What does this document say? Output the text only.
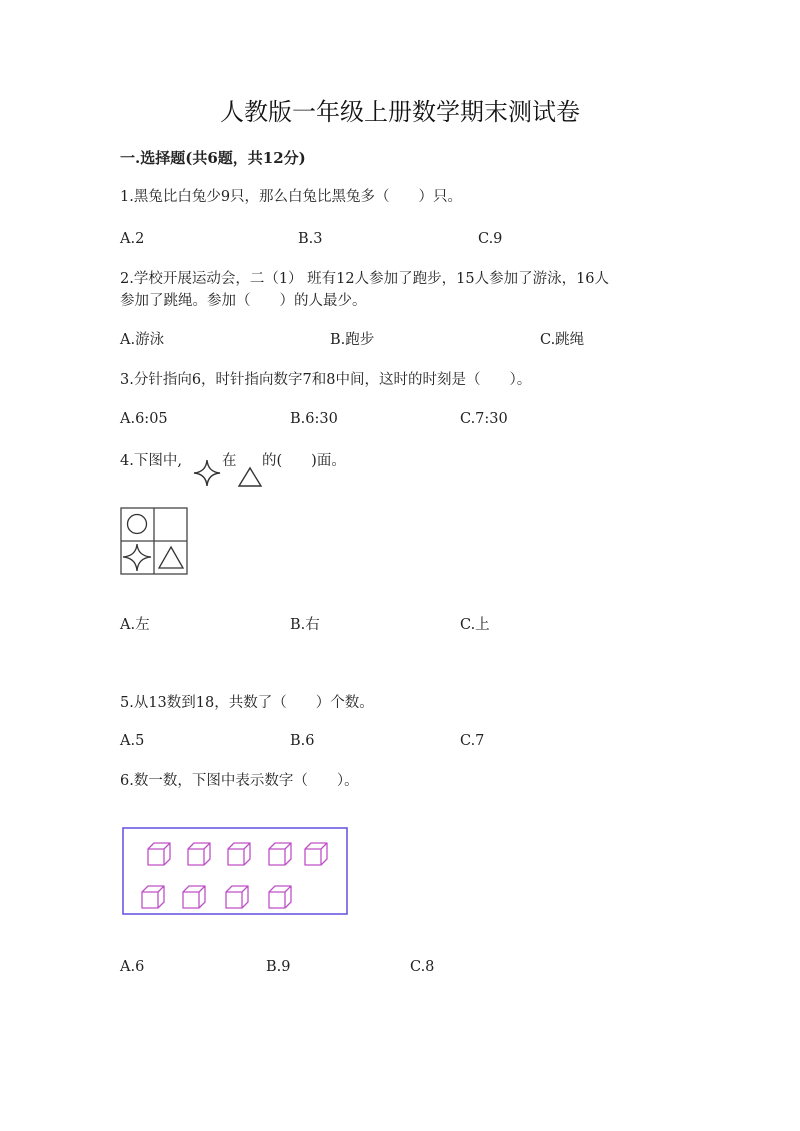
人教版一年级上册数学期末测试卷
一.选择题(共6题，共12分)
1.黑兔比白兔少9只，那么白兔比黑兔多（　　）只。
A.2	B.3	C.9
2.学校开展运动会，二（1） 班有12人参加了跑步，15人参加了游泳，16人
参加了跳绳。参加（　　）的人最少。
A.游泳	B.跑步	C.跳绳
3.分针指向6，时针指向数字7和8中间，这时的时刻是（　　）。
A.6:05	B.6:30	C.7:30
4.下图中,	在 的(　　)面。
A.左	B.右	C.上
5.从13数到18，共数了（　　）个数。
A.5	B.6	C.7
6.数一数，下图中表示数字（　　）。
A.6	B.9	C.8
